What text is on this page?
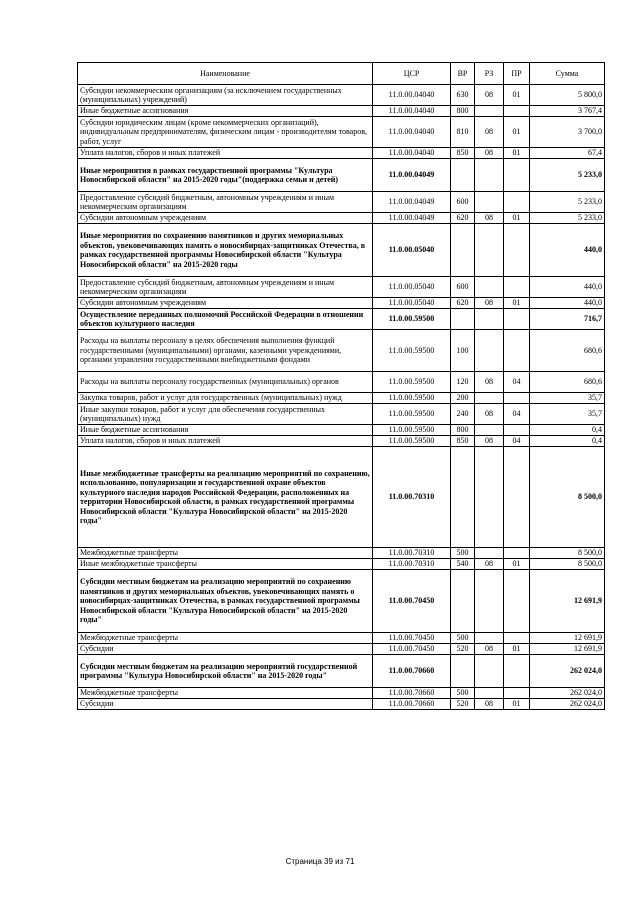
Наименование	ЦСР	ВР	РЗ	ПР	Сумма
Субсидии некоммерческим организациям (за исключением государственных (муниципальных) учреждений)	11.0.00.04040	630	08	01	5 800,0
Иные бюджетные ассигнования	11.0.00.04040	800			3 767,4
Субсидии юридическим лицам (кроме некоммерческих организаций), индивидуальным предпринимателям, физическим лицам - производителям товаров, работ, услуг	11.0.00.04040	810	08	01	3 700,0
Уплата налогов, сборов и иных платежей	11.0.00.04040	850	08	01	67,4
Иные мероприятия в рамках государственной программы "Культура Новосибирской области" на 2015-2020 годы"(поддержка семьи и детей)	11.0.00.04049				5 233,0
Предоставление субсидий бюджетным, автономным учреждениям и иным некоммерческим организациям	11.0.00.04049	600			5 233,0
Субсидии автономным учреждениям	11.0.00.04049	620	08	01	5 233,0
Иные мероприятия по сохранению памятников и других мемориальных объектов, увековечивающих память о новосибирцах-защитниках Отечества, в рамках государственной программы Новосибирской области "Культура Новосибирской области" на 2015-2020 годы	11.0.00.05040				440,0
Предоставление субсидий бюджетным, автономным учреждениям и иным некоммерческим организациям	11.0.00.05040	600			440,0
Субсидии автономным учреждениям	11.0.00.05040	620	08	01	440,0
Осуществление переданных полномочий Российской Федерации в отношении объектов культурного наследия	11.0.00.59500				716,7
Расходы на выплаты персоналу в целях обеспечения выполнения функций государственными (муниципальными) органами, казенными учреждениями, органами управления государственными внебюджетными фондами	11.0.00.59500	100			680,6
Расходы на выплаты персоналу государственных (муниципальных) органов	11.0.00.59500	120	08	04	680,6
Закупка товаров, работ и услуг для государственных (муниципальных) нужд	11.0.00.59500	200			35,7
Иные закупки товаров, работ и услуг для обеспечения государственных (муниципальных) нужд	11.0.00.59500	240	08	04	35,7
Иные бюджетные ассигнования	11.0.00.59500	800			0,4
Уплата налогов, сборов и иных платежей	11.0.00.59500	850	08	04	0,4
Иные межбюджетные трансферты на реализацию мероприятий по сохранению, использованию, популяризации и государственной охране объектов культурного наследия народов Российской Федерации, расположенных на территории Новосибирской области, в рамках государственной программы Новосибирской области "Культура Новосибирской области" на 2015-2020 годы"	11.0.00.70310				8 500,0
Межбюджетные трансферты	11.0.00.70310	500			8 500,0
Иные межбюджетные трансферты	11.0.00.70310	540	08	01	8 500,0
Субсидии местным бюджетам на реализацию мероприятий по сохранению памятников и других мемориальных объектов, увековечивающих память о новосибирцах-защитниках Отечества, в рамках государственной программы Новосибирской области "Культура Новосибирской области" на 2015-2020 годы"	11.0.00.70450				12 691,9
Межбюджетные трансферты	11.0.00.70450	500			12 691,9
Субсидии	11.0.00.70450	520	08	01	12 691,9
Субсидии местным бюджетам на реализацию мероприятий государственной программы "Культура Новосибирской области" на 2015-2020 годы"	11.0.00.70660				262 024,0
Межбюджетные трансферты	11.0.00.70660	500			262 024,0
Субсидии	11.0.00.70660	520	08	01	262 024,0
Страница 39 из 71
